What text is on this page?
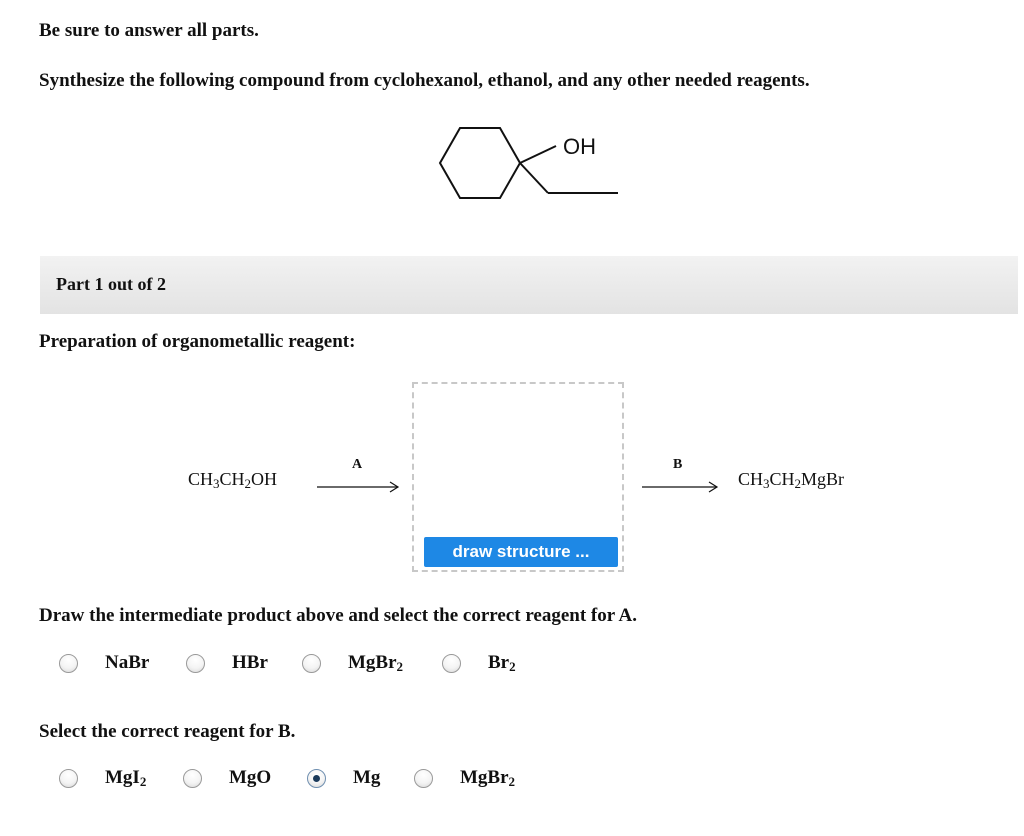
Be sure to answer all parts.
Synthesize the following compound from cyclohexanol, ethanol, and any other needed reagents.
OH
Part 1 out of 2
Preparation of organometallic reagent:
$CH_3CH_2OH$
A
draw structure ...
B
$CH_3CH_2MgBr$
Draw the intermediate product above and select the correct reagent for A.
NaBr	HBr	MgBr$_2$	$Br_2$
Select the correct reagent for B.
MgI$_2$	MgO	Mg	MgBr$_2$
